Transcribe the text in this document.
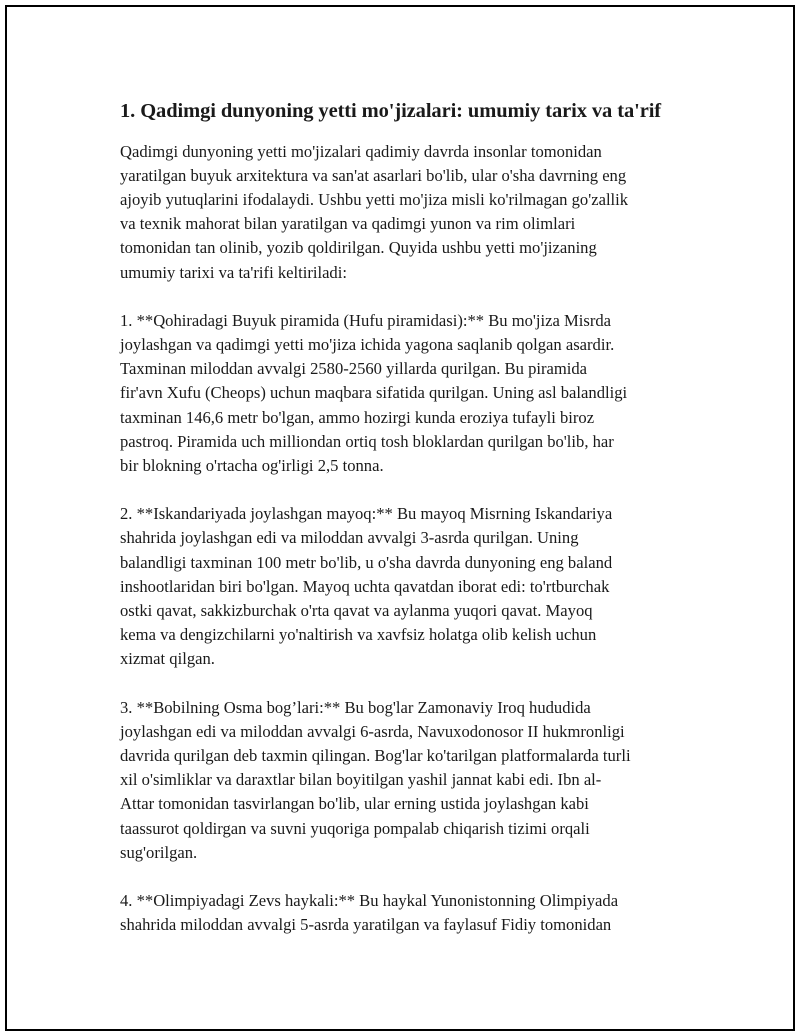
1. Qadimgi dunyoning yetti mo'jizalari: umumiy tarix va ta'rif

Qadimgi dunyoning yetti mo'jizalari qadimiy davrda insonlar tomonidan
yaratilgan buyuk arxitektura va san'at asarlari bo'lib, ular o'sha davrning eng
ajoyib yutuqlarini ifodalaydi. Ushbu yetti mo'jiza misli ko'rilmagan go'zallik
va texnik mahorat bilan yaratilgan va qadimgi yunon va rim olimlari
tomonidan tan olinib, yozib qoldirilgan. Quyida ushbu yetti mo'jizaning
umumiy tarixi va ta'rifi keltiriladi:

1. **Qohiradagi Buyuk piramida (Hufu piramidasi):** Bu mo'jiza Misrda
joylashgan va qadimgi yetti mo'jiza ichida yagona saqlanib qolgan asardir.
Taxminan miloddan avvalgi 2580-2560 yillarda qurilgan. Bu piramida
fir'avn Xufu (Cheops) uchun maqbara sifatida qurilgan. Uning asl balandligi
taxminan 146,6 metr bo'lgan, ammo hozirgi kunda eroziya tufayli biroz
pastroq. Piramida uch milliondan ortiq tosh bloklardan qurilgan bo'lib, har
bir blokning o'rtacha og'irligi 2,5 tonna.

2. **Iskandariyada joylashgan mayoq:** Bu mayoq Misrning Iskandariya
shahrida joylashgan edi va miloddan avvalgi 3-asrda qurilgan. Uning
balandligi taxminan 100 metr bo'lib, u o'sha davrda dunyoning eng baland
inshootlaridan biri bo'lgan. Mayoq uchta qavatdan iborat edi: to'rtburchak
ostki qavat, sakkizburchak o'rta qavat va aylanma yuqori qavat. Mayoq
kema va dengizchilarni yo'naltirish va xavfsiz holatga olib kelish uchun
xizmat qilgan.

3. **Bobilning Osma bog’lari:** Bu bog'lar Zamonaviy Iroq hududida
joylashgan edi va miloddan avvalgi 6-asrda, Navuxodonosor II hukmronligi
davrida qurilgan deb taxmin qilingan. Bog'lar ko'tarilgan platformalarda turli
xil o'simliklar va daraxtlar bilan boyitilgan yashil jannat kabi edi. Ibn al-
Attar tomonidan tasvirlangan bo'lib, ular erning ustida joylashgan kabi
taassurot qoldirgan va suvni yuqoriga pompalab chiqarish tizimi orqali
sug'orilgan.

4. **Olimpiyadagi Zevs haykali:** Bu haykal Yunonistonning Olimpiyada
shahrida miloddan avvalgi 5-asrda yaratilgan va faylasuf Fidiy tomonidan
